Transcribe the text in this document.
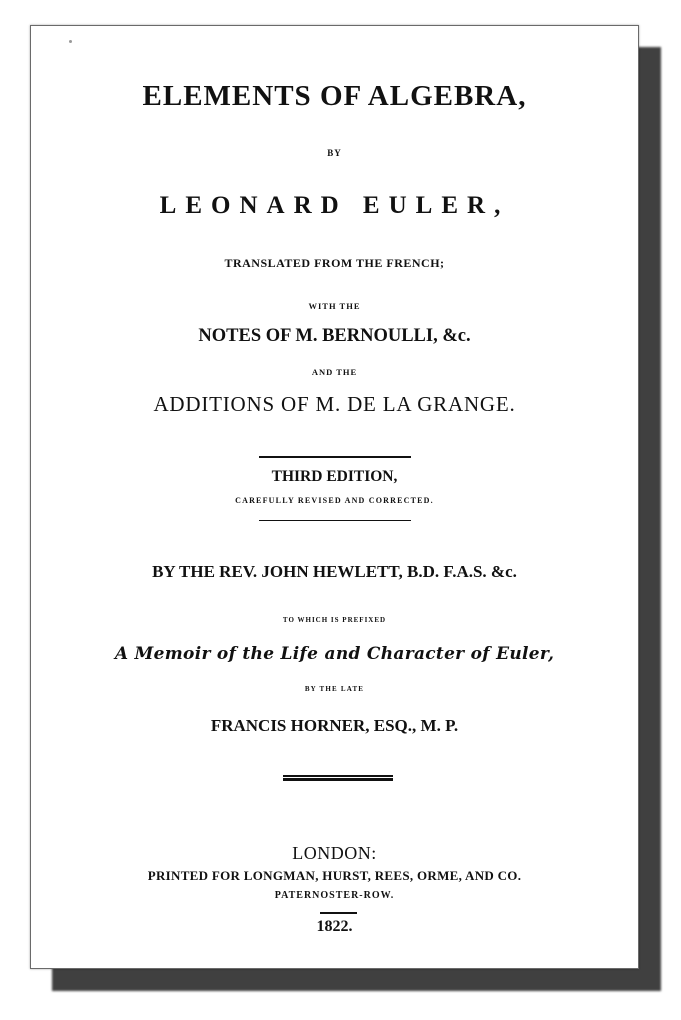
ELEMENTS OF ALGEBRA,
BY
LEONARD EULER,
TRANSLATED FROM THE FRENCH;
WITH THE
NOTES OF M. BERNOULLI, &c.
AND THE
ADDITIONS OF M. DE LA GRANGE.
THIRD EDITION,
CAREFULLY REVISED AND CORRECTED.
BY THE REV. JOHN HEWLETT, B.D. F.A.S. &c.
TO WHICH IS PREFIXED
A Memoir of the Life and Character of Euler,
BY THE LATE
FRANCIS HORNER, ESQ., M. P.
LONDON:
PRINTED FOR LONGMAN, HURST, REES, ORME, AND CO.
PATERNOSTER-ROW.
1822.
